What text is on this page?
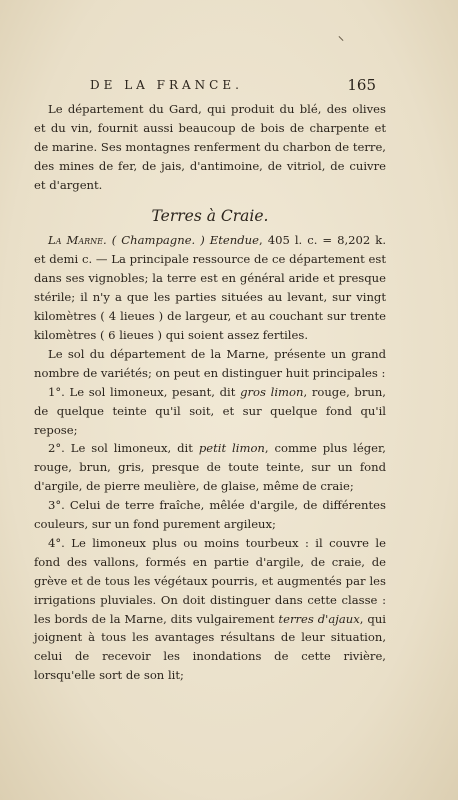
DE LA FRANCE.	165

Le département du Gard, qui produit du blé, des olives et du vin, fournit aussi beaucoup de bois de charpente et de marine. Ses montagnes renferment du charbon de terre, des mines de fer, de jais, d'antimoine, de vitriol, de cuivre et d'argent.

Terres à Craie.

La Marne. ( Champagne. ) Etendue, 405 l. c. = 8,202 k. et demi c. — La principale ressource de ce département est dans ses vignobles; la terre est en général aride et presque stérile; il n'y a que les parties situées au levant, sur vingt kilomètres ( 4 lieues ) de largeur, et au couchant sur trente kilomètres ( 6 lieues ) qui soient assez fertiles.

Le sol du département de la Marne, présente un grand nombre de variétés; on peut en distinguer huit principales :

1°. Le sol limoneux, pesant, dit gros limon, rouge, brun, de quelque teinte qu'il soit, et sur quelque fond qu'il repose;

2°. Le sol limoneux, dit petit limon, comme plus léger, rouge, brun, gris, presque de toute teinte, sur un fond d'argile, de pierre meulière, de glaise, même de craie;

3°. Celui de terre fraîche, mêlée d'argile, de différentes couleurs, sur un fond purement argileux;

4°. Le limoneux plus ou moins tourbeux : il couvre le fond des vallons, formés en partie d'argile, de craie, de grève et de tous les végétaux pourris, et augmentés par les irrigations pluviales. On doit distinguer dans cette classe : les bords de la Marne, dits vulgairement terres d'ajaux, qui joignent à tous les avantages résultans de leur situation, celui de recevoir les inondations de cette rivière, lorsqu'elle sort de son lit;
